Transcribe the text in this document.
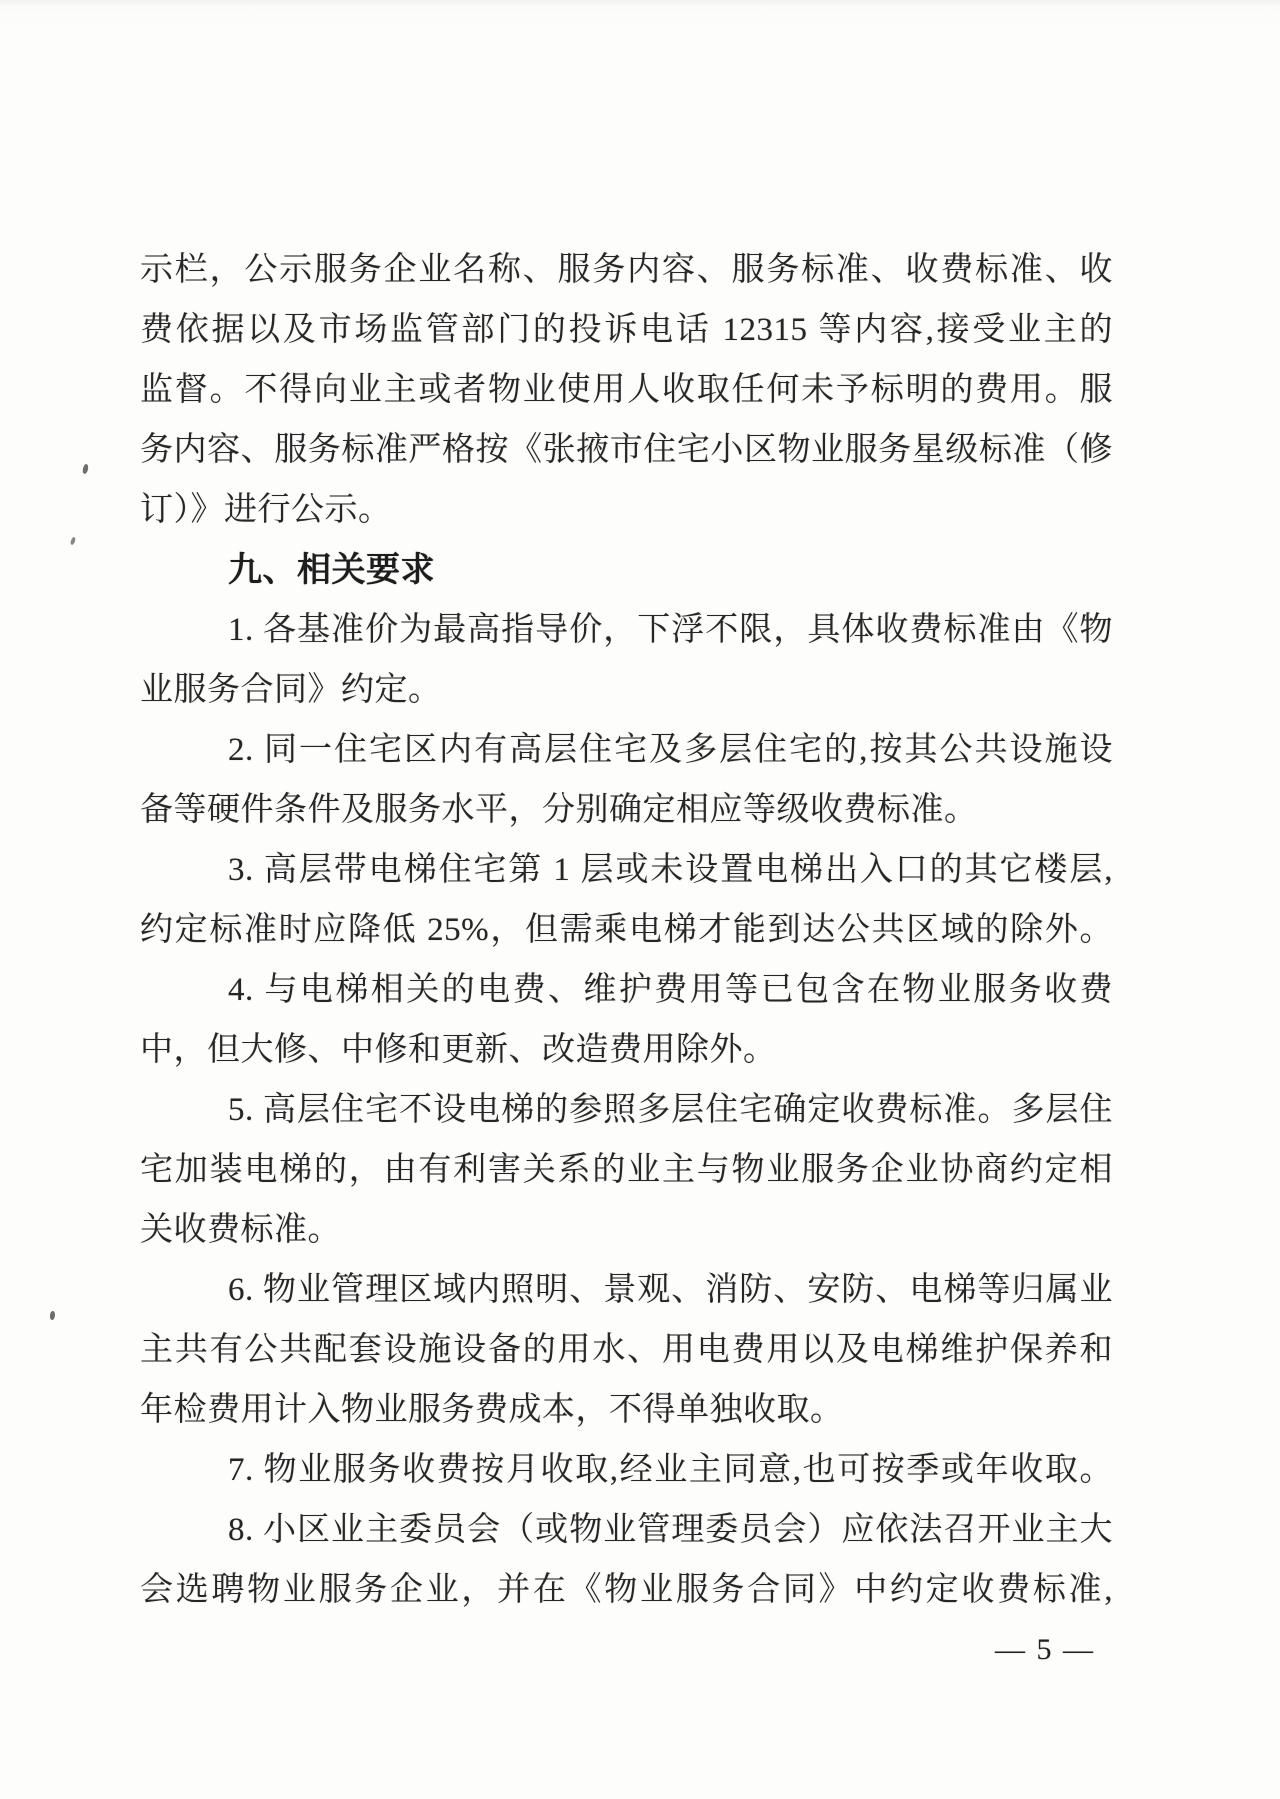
示栏，公示服务企业名称、服务内容、服务标准、收费标准、收
费依据以及市场监管部门的投诉电话 12315 等内容,接受业主的
监督。不得向业主或者物业使用人收取任何未予标明的费用。服
务内容、服务标准严格按《张掖市住宅小区物业服务星级标准（修
订）》进行公示。
九、相关要求
1. 各基准价为最高指导价，下浮不限，具体收费标准由《物
业服务合同》约定。
2. 同一住宅区内有高层住宅及多层住宅的,按其公共设施设
备等硬件条件及服务水平，分别确定相应等级收费标准。
3. 高层带电梯住宅第 1 层或未设置电梯出入口的其它楼层,
约定标准时应降低 25%，但需乘电梯才能到达公共区域的除外。
4. 与电梯相关的电费、维护费用等已包含在物业服务收费
中，但大修、中修和更新、改造费用除外。
5. 高层住宅不设电梯的参照多层住宅确定收费标准。多层住
宅加装电梯的，由有利害关系的业主与物业服务企业协商约定相
关收费标准。
6. 物业管理区域内照明、景观、消防、安防、电梯等归属业
主共有公共配套设施设备的用水、用电费用以及电梯维护保养和
年检费用计入物业服务费成本，不得单独收取。
7. 物业服务收费按月收取,经业主同意,也可按季或年收取。
8. 小区业主委员会（或物业管理委员会）应依法召开业主大
会选聘物业服务企业，并在《物业服务合同》中约定收费标准,
— 5 —
